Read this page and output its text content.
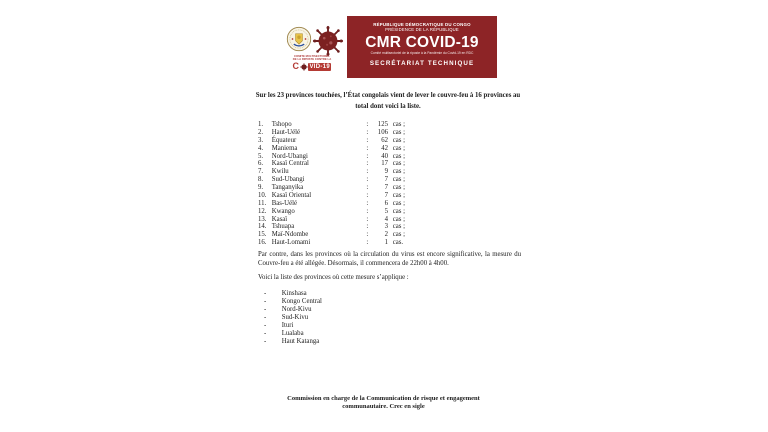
COMITÉ MULTISECTORIEL
DE LA RIPOSTE CONTRE LA
C VID-19
RÉPUBLIQUE DÉMOCRATIQUE DU CONGO
PRÉSIDENCE DE LA RÉPUBLIQUE
CMR COVID-19
Comité multisectoriel de la riposte à la Pandémie du Covid-19 en RDC
SECRÉTARIAT TECHNIQUE
Sur les 23 provinces touchées, l’État congolais vient de lever le couvre-feu à 16 provinces au total dont voici la liste.
1. Tshopo	: 125 cas ;
2. Haut-Uélé	: 106 cas ;
3. Équateur	: 62 cas ;
4. Maniema	: 42 cas ;
5. Nord-Ubangi	: 40 cas ;
6. Kasaï Central	: 17 cas ;
7. Kwilu	: 9 cas ;
8. Sud-Ubangi	: 7 cas ;
9. Tanganyika	: 7 cas ;
10. Kasaï Oriental	: 7 cas ;
11. Bas-Uélé	: 6 cas ;
12. Kwango	: 5 cas ;
13. Kasaï	: 4 cas ;
14. Tshuapa	: 3 cas ;
15. Maï-Ndombe	: 2 cas ;
16. Haut-Lomami	: 1 cas.
Par contre, dans les provinces où la circulation du virus est encore significative, la mesure du Couvre-feu a été allégée. Désormais, il commencera de 22h00 à 4h00.
Voici la liste des provinces où cette mesure s’applique :
- Kinshasa
- Kongo Central
- Nord-Kivu
- Sud-Kivu
- Ituri
- Lualaba
- Haut Katanga
Commission en charge de la Communication de risque et engagement communautaire. Crec en sigle
